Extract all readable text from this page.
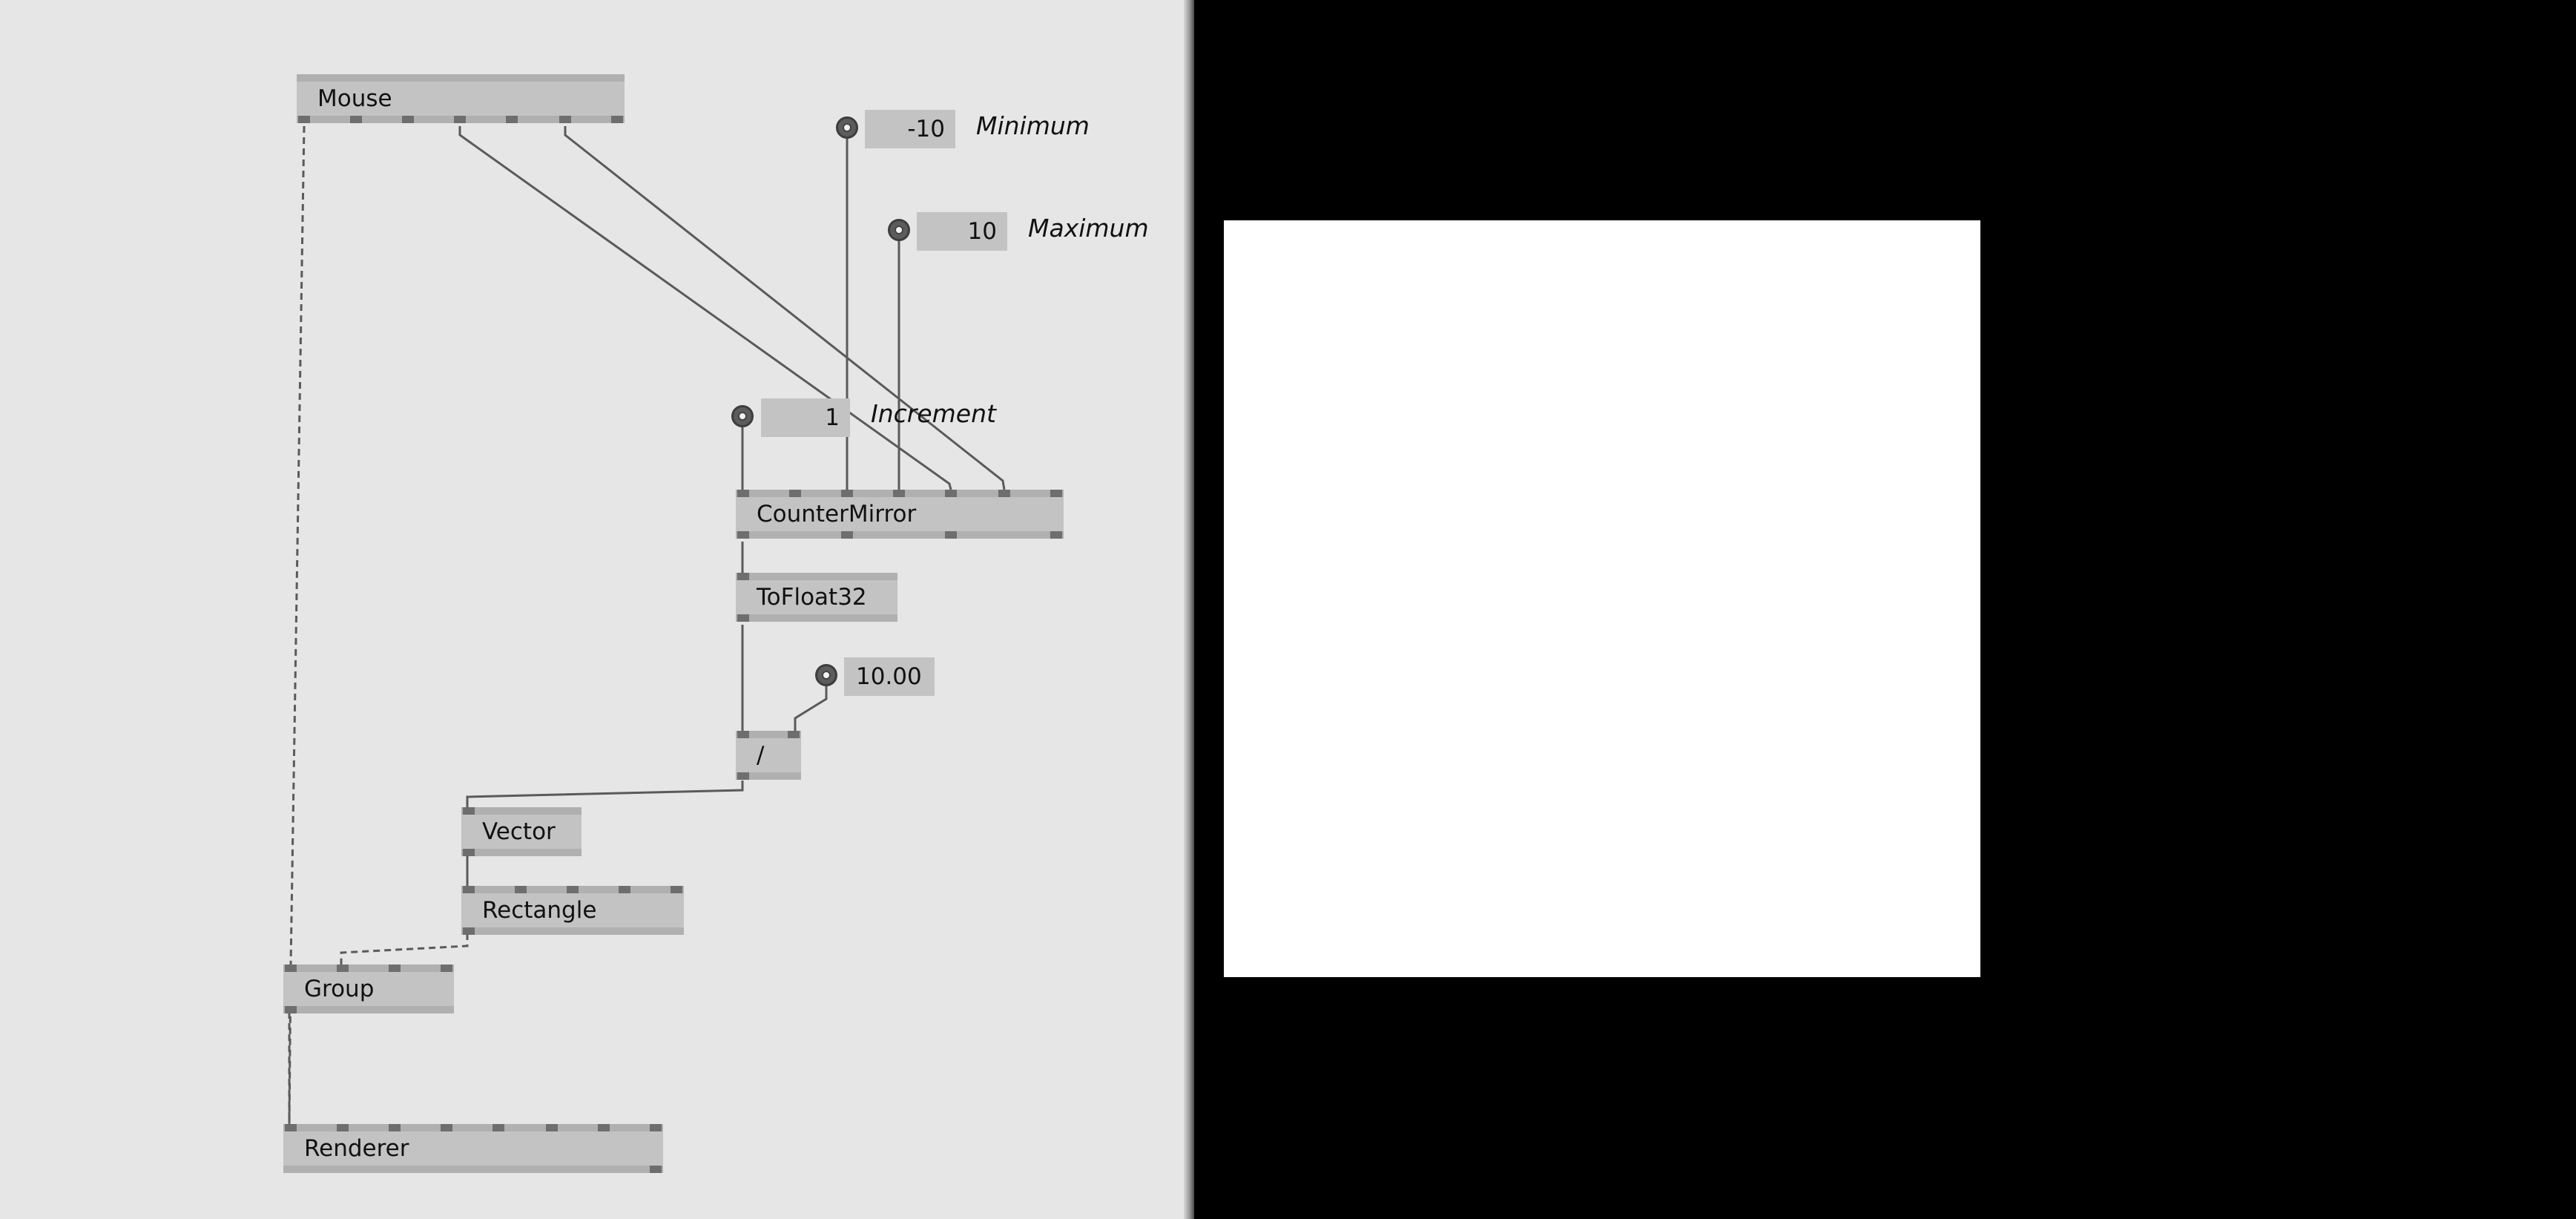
Mouse
-10	Minimum
10	Maximum
1	Increment
CounterMirror
ToFloat32
10.00
/
Vector
Rectangle
Group
Renderer
